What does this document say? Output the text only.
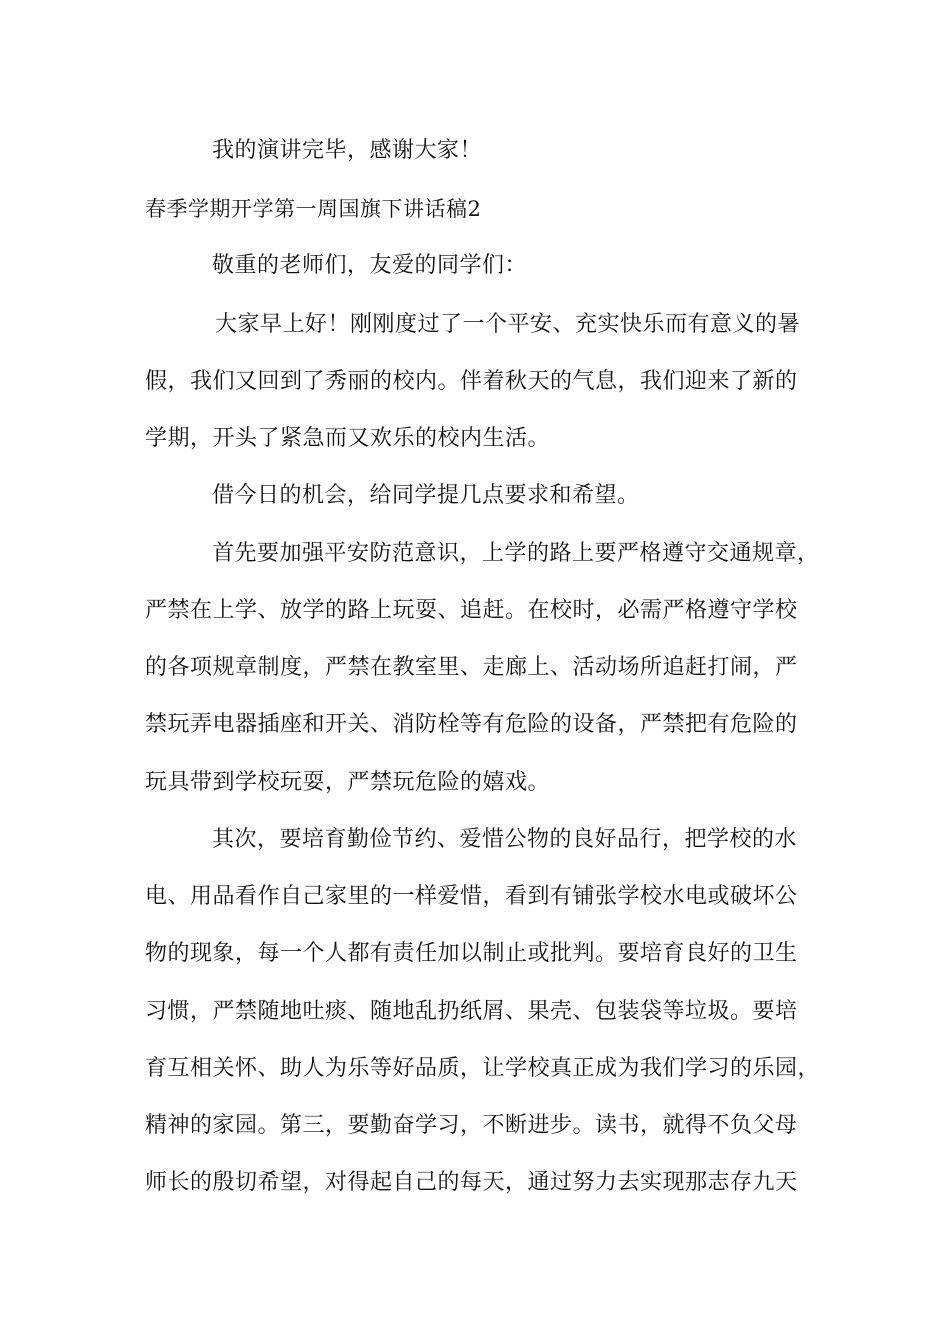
我的演讲完毕，感谢大家！
春季学期开学第一周国旗下讲话稿2
敬重的老师们，友爱的同学们：
大家早上好！刚刚度过了一个平安、充实快乐而有意义的暑
假，我们又回到了秀丽的校内。伴着秋天的气息，我们迎来了新的
学期，开头了紧急而又欢乐的校内生活。
借今日的机会，给同学提几点要求和希望。
首先要加强平安防范意识，上学的路上要严格遵守交通规章，
严禁在上学、放学的路上玩耍、追赶。在校时，必需严格遵守学校
的各项规章制度，严禁在教室里、走廊上、活动场所追赶打闹，严
禁玩弄电器插座和开关、消防栓等有危险的设备，严禁把有危险的
玩具带到学校玩耍，严禁玩危险的嬉戏。
其次，要培育勤俭节约、爱惜公物的良好品行，把学校的水
电、用品看作自己家里的一样爱惜，看到有铺张学校水电或破坏公
物的现象，每一个人都有责任加以制止或批判。要培育良好的卫生
习惯，严禁随地吐痰、随地乱扔纸屑、果壳、包装袋等垃圾。要培
育互相关怀、助人为乐等好品质，让学校真正成为我们学习的乐园，
精神的家园。第三，要勤奋学习，不断进步。读书，就得不负父母
师长的殷切希望，对得起自己的每天，通过努力去实现那志存九天
